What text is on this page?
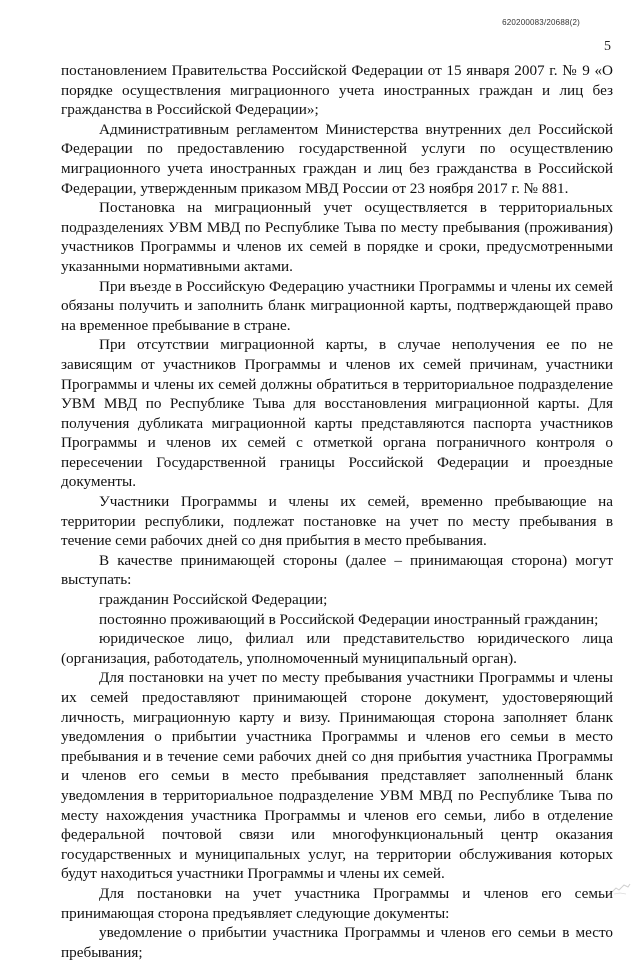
620200083/20688(2)
5

постановлением Правительства Российской Федерации от 15 января 2007 г. № 9 «О порядке осуществления миграционного учета иностранных граждан и лиц без гражданства в Российской Федерации»;

Административным регламентом Министерства внутренних дел Российской Федерации по предоставлению государственной услуги по осуществлению миграционного учета иностранных граждан и лиц без гражданства в Российской Федерации, утвержденным приказом МВД России от 23 ноября 2017 г. № 881.

Постановка на миграционный учет осуществляется в территориальных подразделениях УВМ МВД по Республике Тыва по месту пребывания (проживания) участников Программы и членов их семей в порядке и сроки, предусмотренными указанными нормативными актами.

При въезде в Российскую Федерацию участники Программы и члены их семей обязаны получить и заполнить бланк миграционной карты, подтверждающей право на временное пребывание в стране.

При отсутствии миграционной карты, в случае неполучения ее по не зависящим от участников Программы и членов их семей причинам, участники Программы и члены их семей должны обратиться в территориальное подразделение УВМ МВД по Республике Тыва для восстановления миграционной карты. Для получения дубликата миграционной карты представляются паспорта участников Программы и членов их семей с отметкой органа пограничного контроля о пересечении Государственной границы Российской Федерации и проездные документы.

Участники Программы и члены их семей, временно пребывающие на территории республики, подлежат постановке на учет по месту пребывания в течение семи рабочих дней со дня прибытия в место пребывания.

В качестве принимающей стороны (далее – принимающая сторона) могут выступать:

гражданин Российской Федерации;

постоянно проживающий в Российской Федерации иностранный гражданин;

юридическое лицо, филиал или представительство юридического лица (организация, работодатель, уполномоченный муниципальный орган).

Для постановки на учет по месту пребывания участники Программы и члены их семей предоставляют принимающей стороне документ, удостоверяющий личность, миграционную карту и визу. Принимающая сторона заполняет бланк уведомления о прибытии участника Программы и членов его семьи в место пребывания и в течение семи рабочих дней со дня прибытия участника Программы и членов его семьи в место пребывания представляет заполненный бланк уведомления в территориальное подразделение УВМ МВД по Республике Тыва по месту нахождения участника Программы и членов его семьи, либо в отделение федеральной почтовой связи или многофункциональный центр оказания государственных и муниципальных услуг, на территории обслуживания которых будут находиться участники Программы и члены их семей.

Для постановки на учет участника Программы и членов его семьи принимающая сторона предъявляет следующие документы:

уведомление о прибытии участника Программы и членов его семьи в место пребывания;
